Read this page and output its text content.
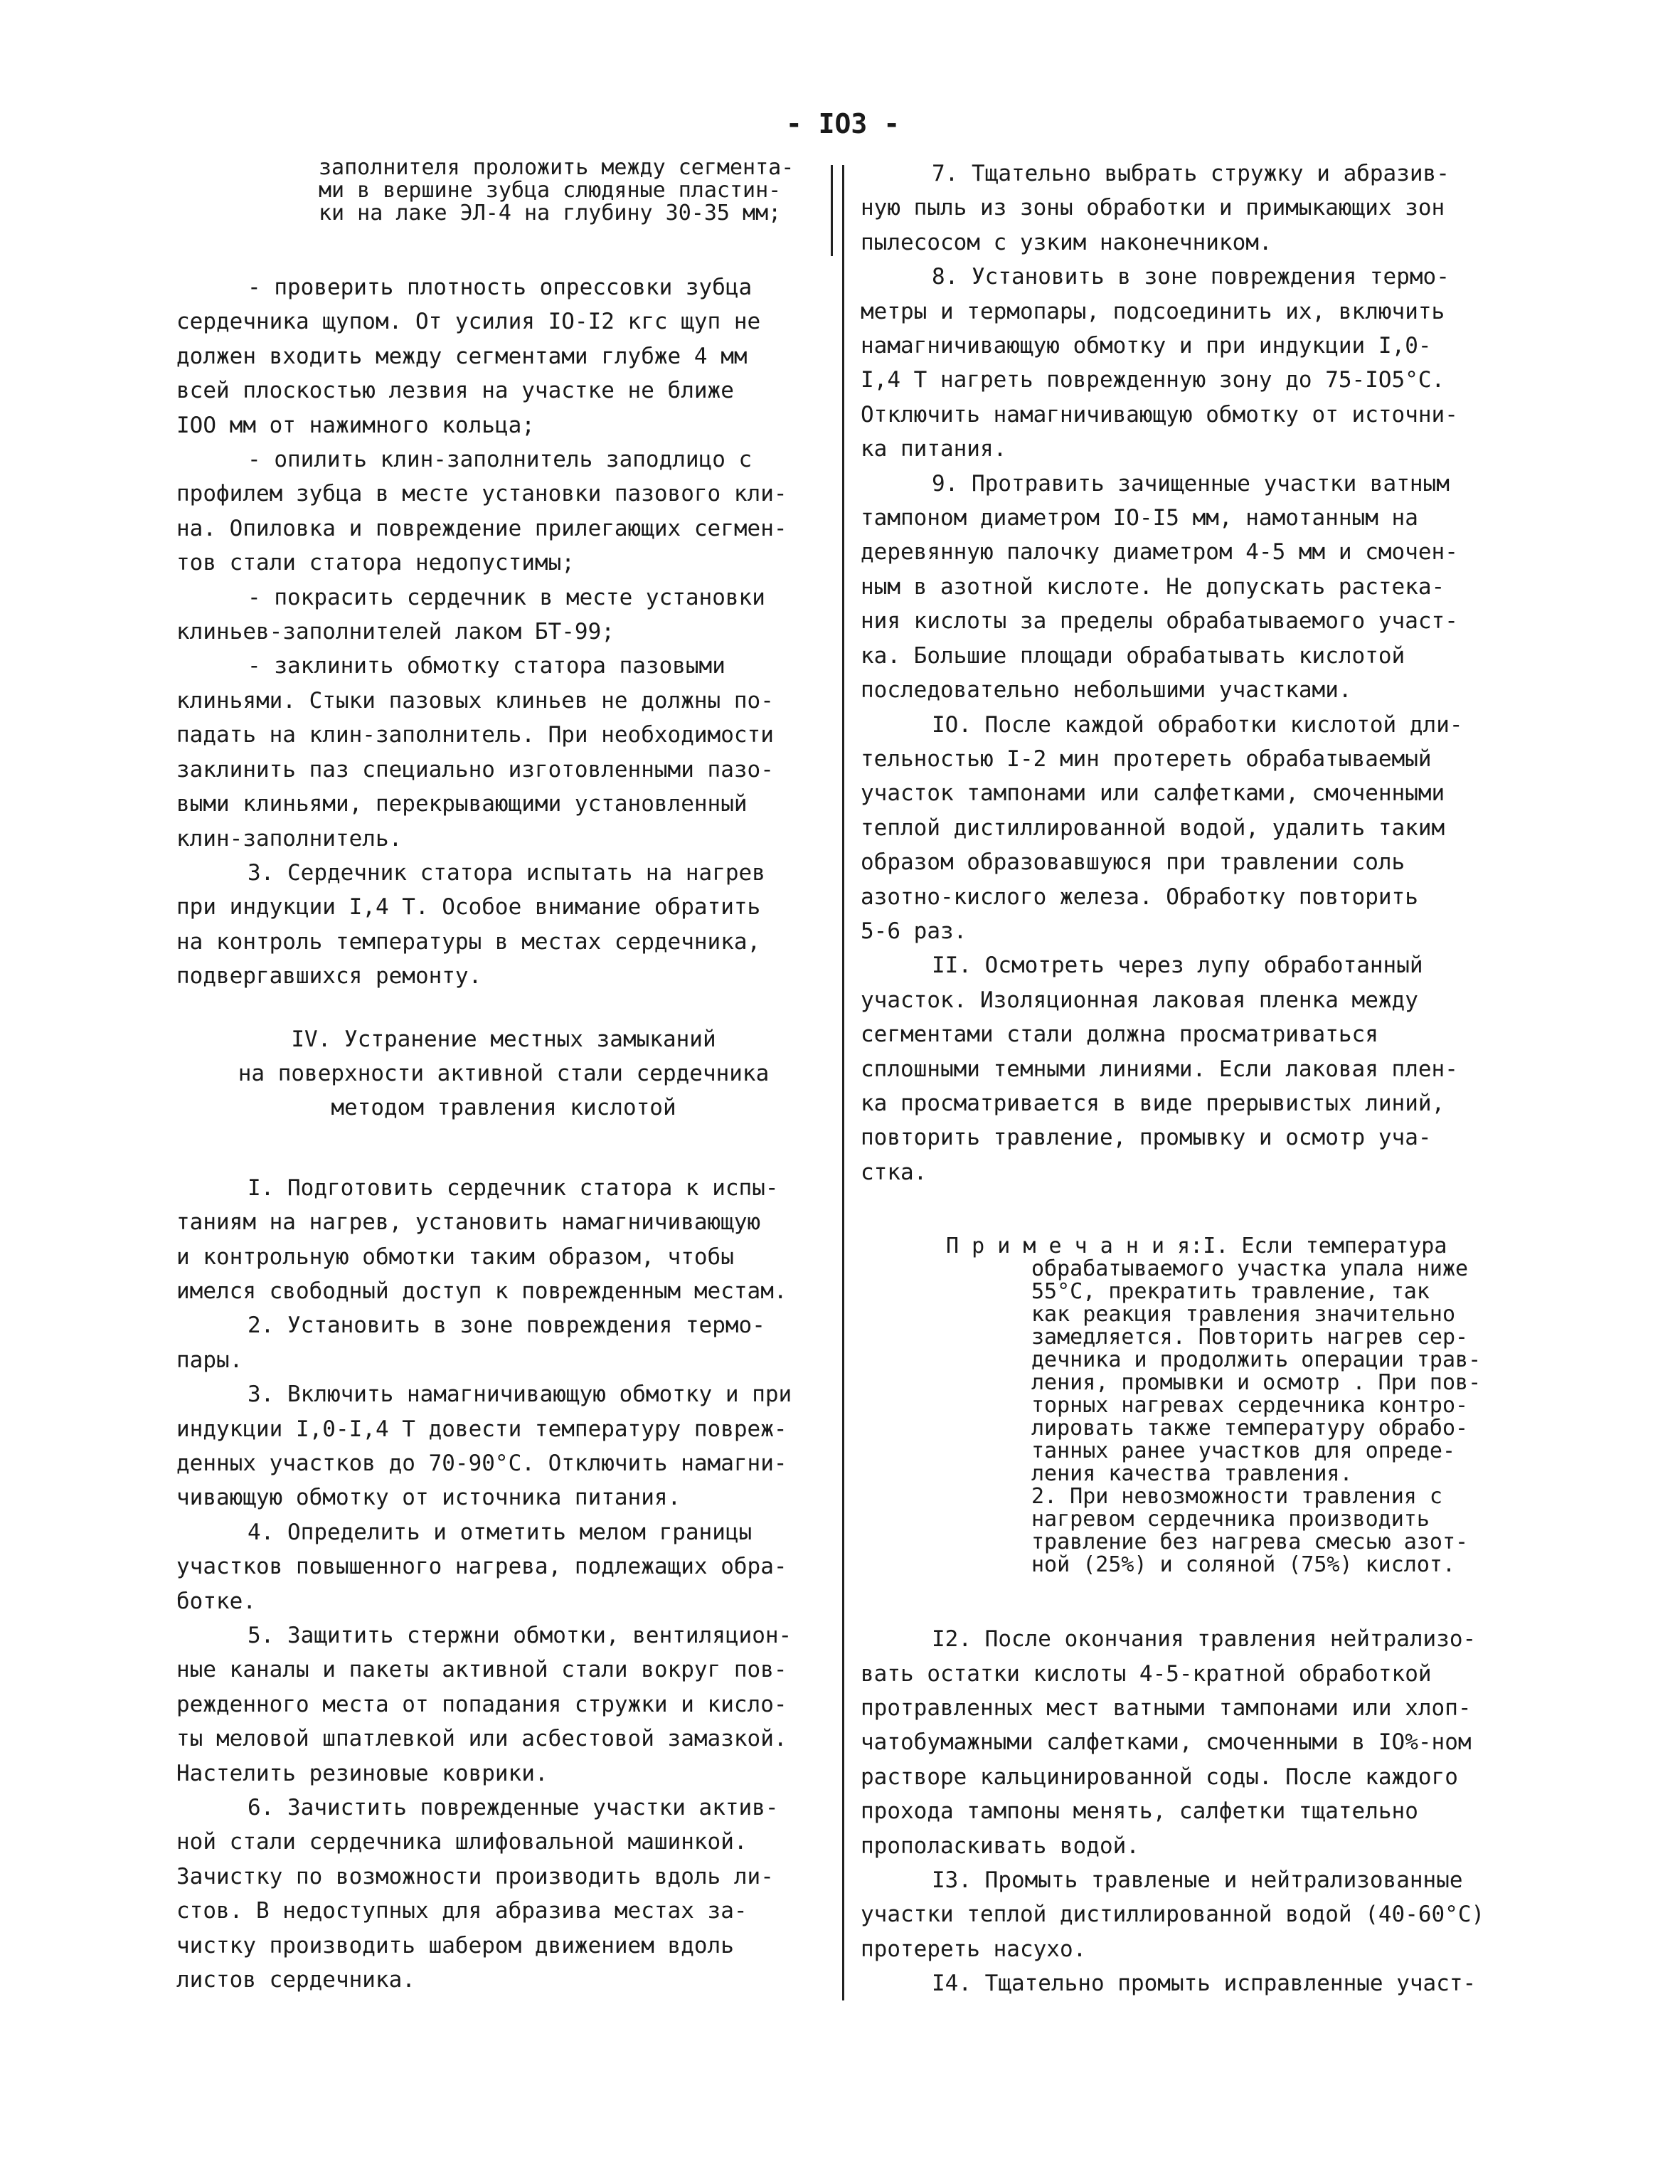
- IO3 -
заполнителя проложить между сегмента-
ми в вершине зубца слюдяные пластин-
ки на лаке ЭЛ-4 на глубину 30-35 мм;
- проверить плотность опрессовки зубца
сердечника щупом. От усилия IO-I2 кгс щуп не
должен входить между сегментами глубже 4 мм
всей плоскостью лезвия на участке не ближе
IOO мм от нажимного кольца;
- опилить клин-заполнитель заподлицо с
профилем зубца в месте установки пазового кли-
на. Опиловка и повреждение прилегающих сегмен-
тов стали статора недопустимы;
- покрасить сердечник в месте установки
клиньев-заполнителей лаком БТ-99;
- заклинить обмотку статора пазовыми
клиньями. Стыки пазовых клиньев не должны по-
падать на клин-заполнитель. При необходимости
заклинить паз специально изготовленными пазо-
выми клиньями, перекрывающими установленный
клин-заполнитель.
3. Сердечник статора испытать на нагрев
при индукции I,4 Т. Особое внимание обратить
на контроль температуры в местах сердечника,
подвергавшихся ремонту.
IV. Устранение местных замыканий
на поверхности активной стали сердечника
методом травления кислотой
I. Подготовить сердечник статора к испы-
таниям на нагрев, установить намагничивающую
и контрольную обмотки таким образом, чтобы
имелся свободный доступ к поврежденным местам.
2. Установить в зоне повреждения термо-
пары.
3. Включить намагничивающую обмотку и при
индукции I,0-I,4 Т довести температуру повреж-
денных участков до 70-90°С. Отключить намагни-
чивающую обмотку от источника питания.
4. Определить и отметить мелом границы
участков повышенного нагрева, подлежащих обра-
ботке.
5. Защитить стержни обмотки, вентиляцион-
ные каналы и пакеты активной стали вокруг пов-
режденного места от попадания стружки и кисло-
ты меловой шпатлевкой или асбестовой замазкой.
Настелить резиновые коврики.
6. Зачистить поврежденные участки актив-
ной стали сердечника шлифовальной машинкой.
Зачистку по возможности производить вдоль ли-
стов. В недоступных для абразива местах за-
чистку производить шабером движением вдоль
листов сердечника.
7. Тщательно выбрать стружку и абразив-
ную пыль из зоны обработки и примыкающих зон
пылесосом с узким наконечником.
8. Установить в зоне повреждения термо-
метры и термопары, подсоединить их, включить
намагничивающую обмотку и при индукции I,0-
I,4 Т нагреть поврежденную зону до 75-IO5°С.
Отключить намагничивающую обмотку от источни-
ка питания.
9. Протравить зачищенные участки ватным
тампоном диаметром IO-I5 мм, намотанным на
деревянную палочку диаметром 4-5 мм и смочен-
ным в азотной кислоте. Не допускать растека-
ния кислоты за пределы обрабатываемого участ-
ка. Большие площади обрабатывать кислотой
последовательно небольшими участками.
IO. После каждой обработки кислотой дли-
тельностью I-2 мин протереть обрабатываемый
участок тампонами или салфетками, смоченными
теплой дистиллированной водой, удалить таким
образом образовавшуюся при травлении соль
азотно-кислого железа. Обработку повторить
5-6 раз.
II. Осмотреть через лупу обработанный
участок. Изоляционная лаковая пленка между
сегментами стали должна просматриваться
сплошными темными линиями. Если лаковая плен-
ка просматривается в виде прерывистых линий,
повторить травление, промывку и осмотр уча-
стка.
П р и м е ч а н и я:I. Если температура
обрабатываемого участка упала ниже
55°С, прекратить травление, так
как реакция травления значительно
замедляется. Повторить нагрев сер-
дечника и продолжить операции трав-
ления, промывки и осмотр . При пов-
торных нагревах сердечника контро-
лировать также температуру обрабо-
танных ранее участков для опреде-
ления качества травления.
2. При невозможности травления с
нагревом сердечника производить
травление без нагрева смесью азот-
ной (25%) и соляной (75%) кислот.
I2. После окончания травления нейтрализо-
вать остатки кислоты 4-5-кратной обработкой
протравленных мест ватными тампонами или хлоп-
чатобумажными салфетками, смоченными в IO%-ном
растворе кальцинированной соды. После каждого
прохода тампоны менять, салфетки тщательно
прополаскивать водой.
I3. Промыть травленые и нейтрализованные
участки теплой дистиллированной водой (40-60°С)
протереть насухо.
I4. Тщательно промыть исправленные участ-
